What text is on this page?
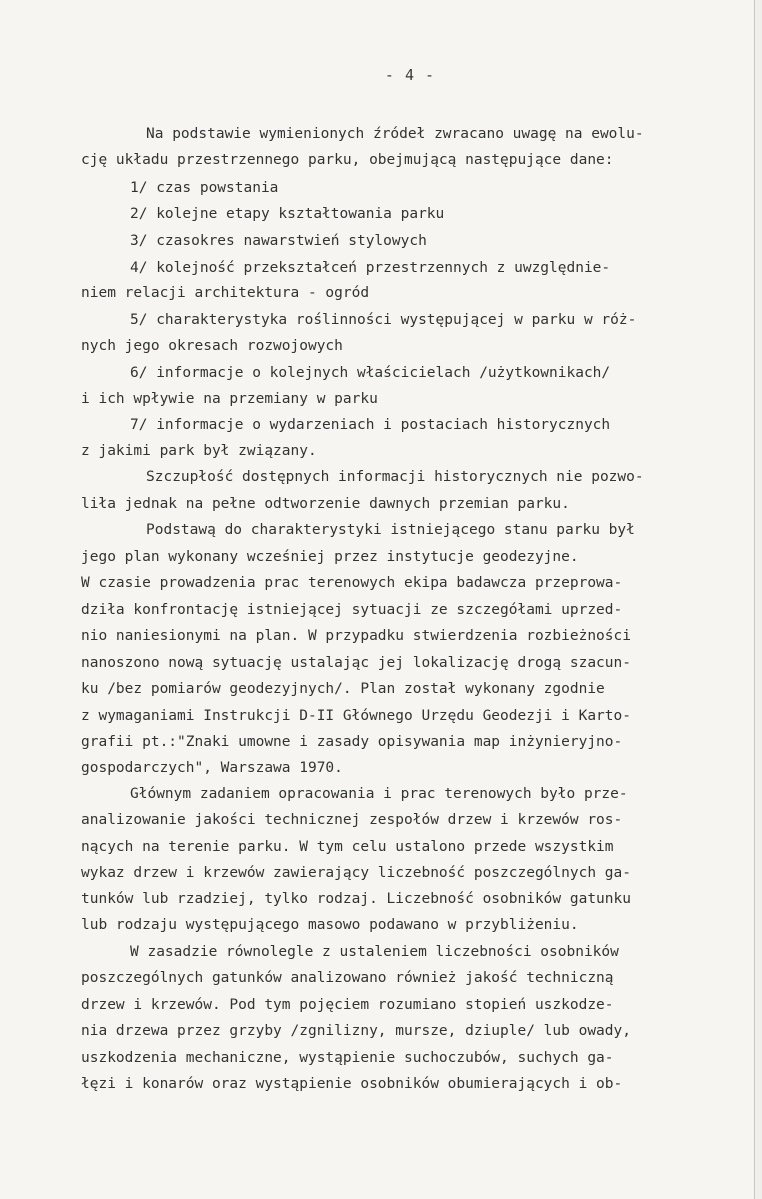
- 4 -

Na podstawie wymienionych źródeł zwracano uwagę na ewolu-

cję układu przestrzennego parku, obejmującą następujące dane:

1/ czas powstania

2/ kolejne etapy kształtowania parku

3/ czasokres nawarstwień stylowych

4/ kolejność przekształceń przestrzennych z uwzględnie-

niem relacji architektura - ogród

5/ charakterystyka roślinności występującej w parku w róż-

nych jego okresach rozwojowych

6/ informacje o kolejnych właścicielach /użytkownikach/

i ich wpływie na przemiany w parku

7/ informacje o wydarzeniach i postaciach historycznych

z jakimi park był związany.

Szczupłość dostępnych informacji historycznych nie pozwo-

liła jednak na pełne odtworzenie dawnych przemian parku.

Podstawą do charakterystyki istniejącego stanu parku był

jego plan wykonany wcześniej przez instytucje geodezyjne.

W czasie prowadzenia prac terenowych ekipa badawcza przeprowa-

dziła konfrontację istniejącej sytuacji ze szczegółami uprzed-

nio naniesionymi na plan. W przypadku stwierdzenia rozbieżności

nanoszono nową sytuację ustalając jej lokalizację drogą szacun-

ku /bez pomiarów geodezyjnych/. Plan został wykonany zgodnie

z wymaganiami Instrukcji D-II Głównego Urzędu Geodezji i Karto-

grafii pt.:"Znaki umowne i zasady opisywania map inżynieryjno-

gospodarczych", Warszawa 1970.

Głównym zadaniem opracowania i prac terenowych było prze-

analizowanie jakości technicznej zespołów drzew i krzewów ros-

nących na terenie parku. W tym celu ustalono przede wszystkim

wykaz drzew i krzewów zawierający liczebność poszczególnych ga-

tunków lub rzadziej, tylko rodzaj. Liczebność osobników gatunku

lub rodzaju występującego masowo podawano w przybliżeniu.

W zasadzie równolegle z ustaleniem liczebności osobników

poszczególnych gatunków analizowano również jakość techniczną

drzew i krzewów. Pod tym pojęciem rozumiano stopień uszkodze-

nia drzewa przez grzyby /zgnilizny, mursze, dziuple/ lub owady,

uszkodzenia mechaniczne, wystąpienie suchoczubów, suchych ga-

łęzi i konarów oraz wystąpienie osobników obumierających i ob-
